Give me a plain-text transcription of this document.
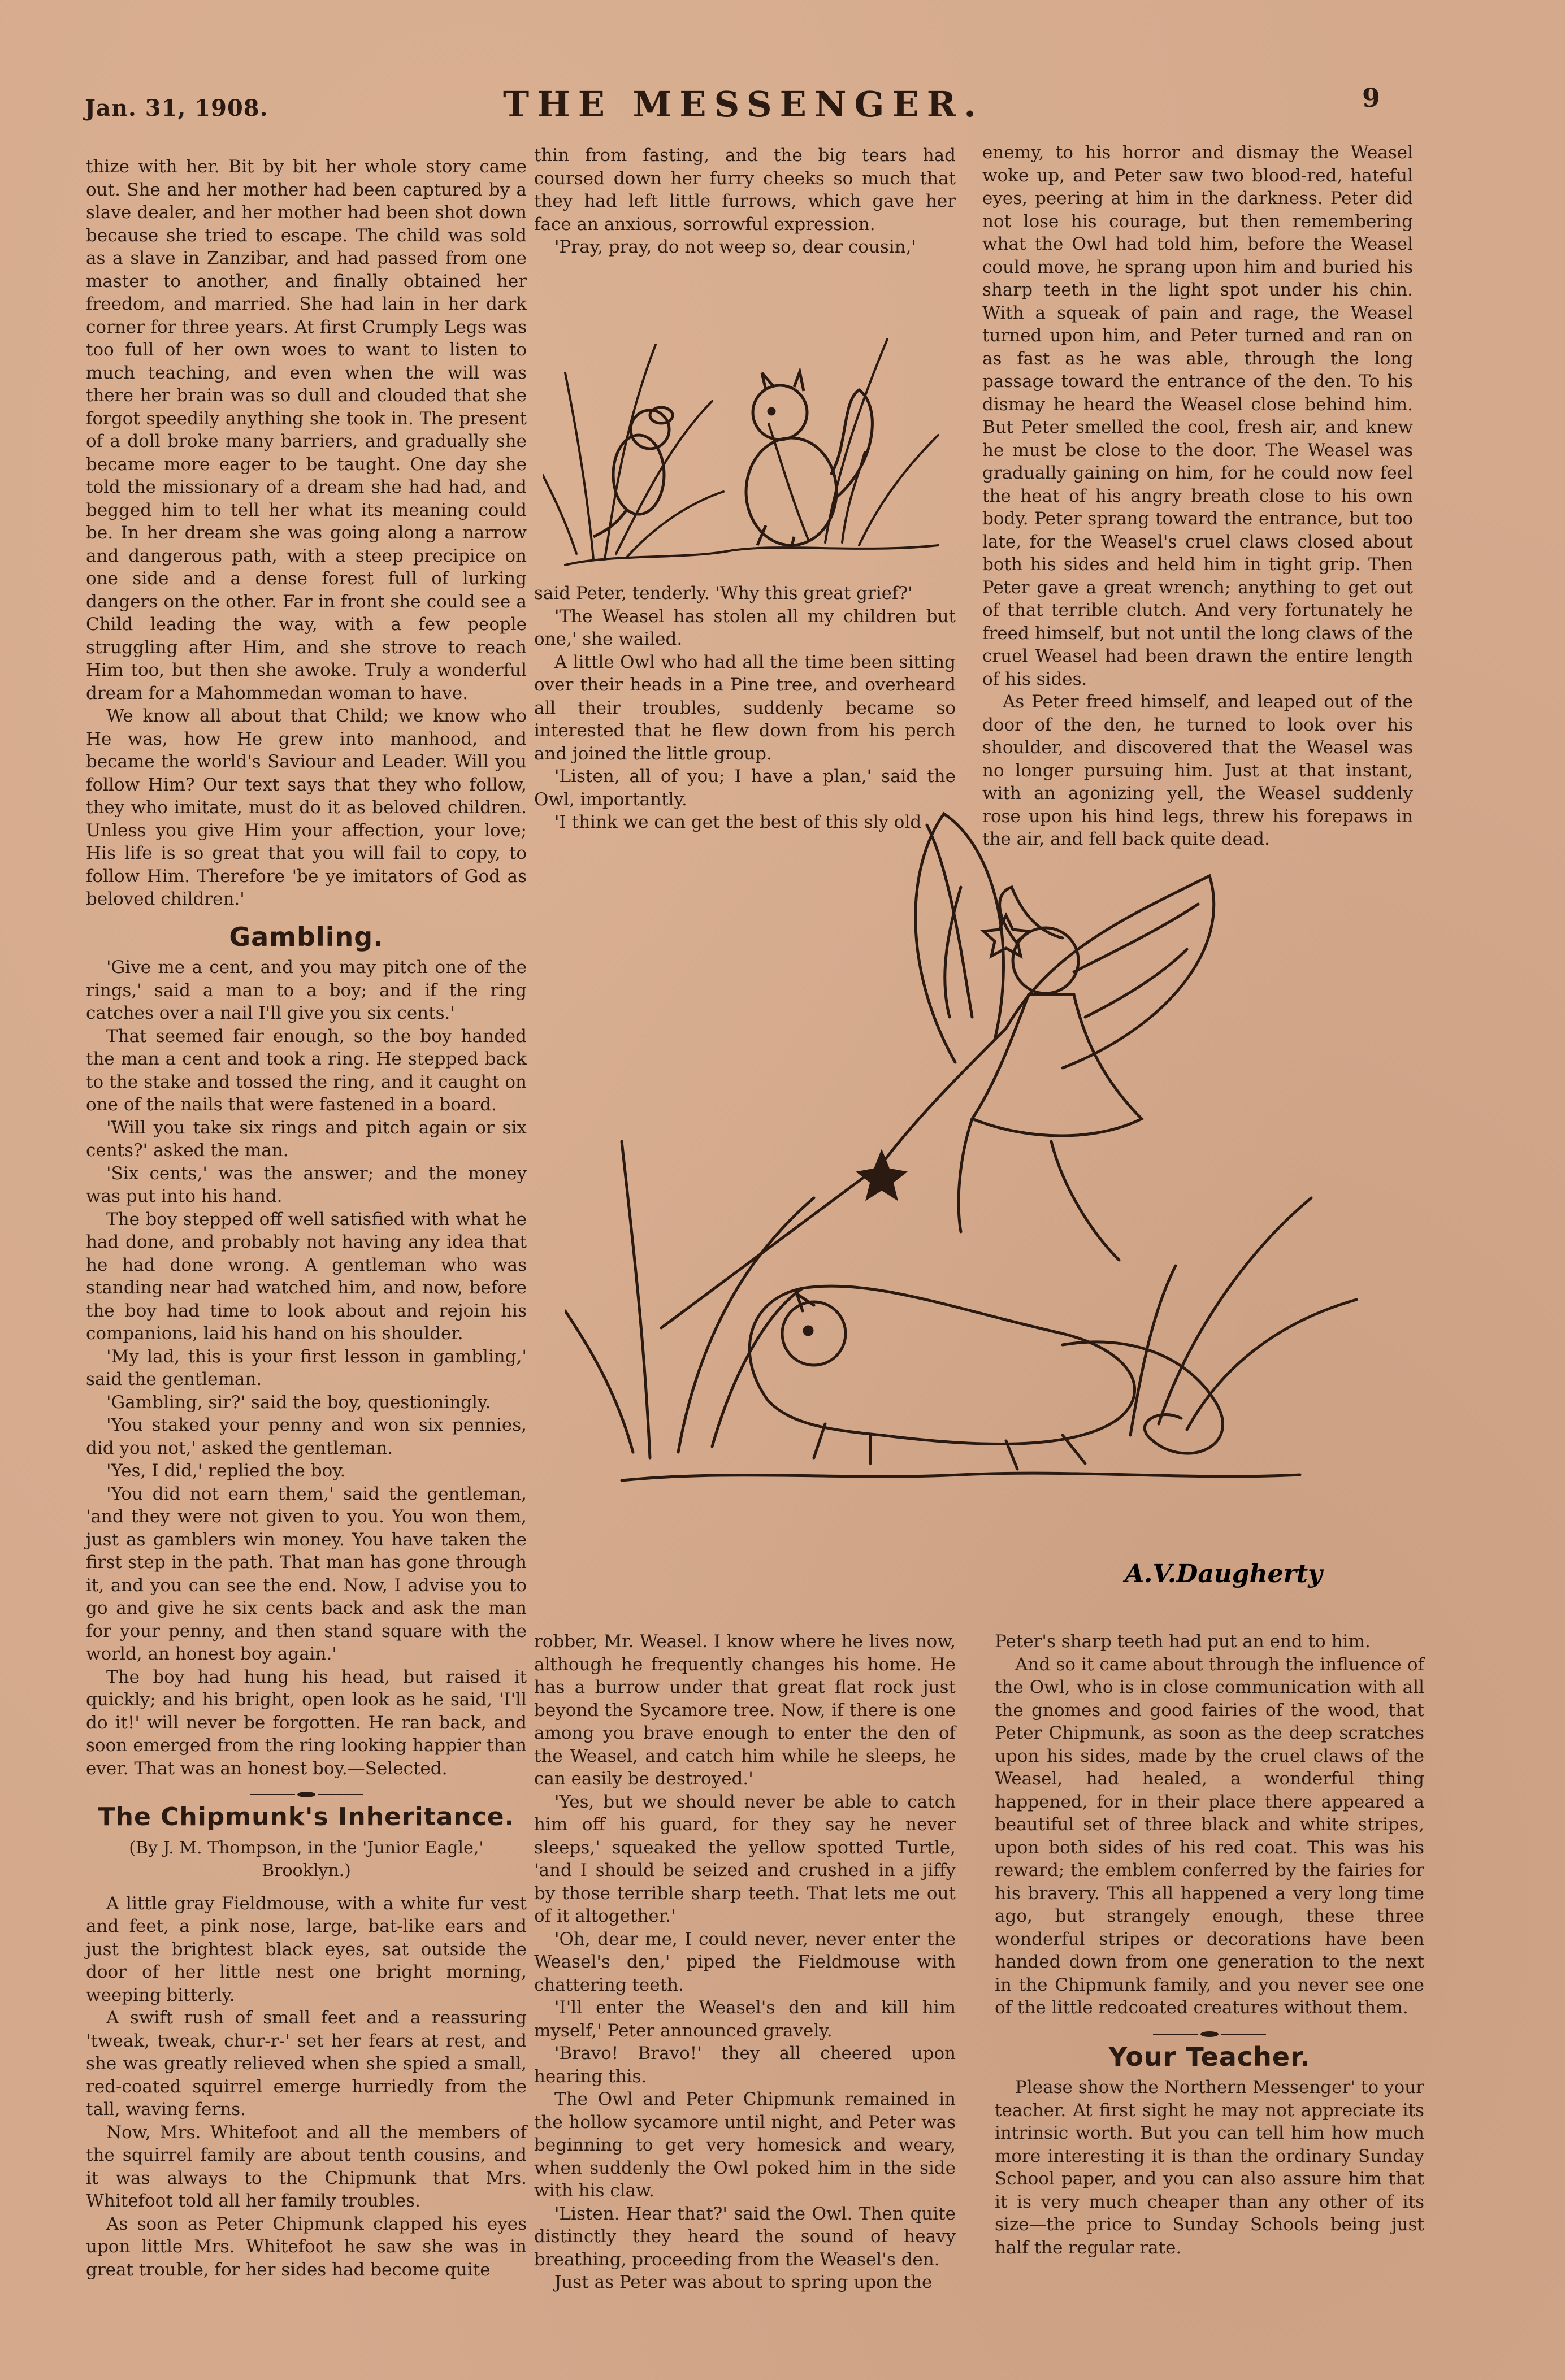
Jan. 31, 1908.	THE MESSENGER.	9

thize with her. Bit by bit her whole story came out. She and her mother had been captured by a slave dealer, and her mother had been shot down because she tried to escape. The child was sold as a slave in Zanzibar, and had passed from one master to another, and finally obtained her freedom, and married. She had lain in her dark corner for three years. At first Crumply Legs was too full of her own woes to want to listen to much teaching, and even when the will was there her brain was so dull and clouded that she forgot speedily anything she took in. The present of a doll broke many barriers, and gradually she became more eager to be taught. One day she told the missionary of a dream she had had, and begged him to tell her what its meaning could be. In her dream she was going along a narrow and dangerous path, with a steep precipice on one side and a dense forest full of lurking dangers on the other. Far in front she could see a Child leading the way, with a few people struggling after Him, and she strove to reach Him too, but then she awoke. Truly a wonderful dream for a Mahommedan woman to have.

We know all about that Child; we know who He was, how He grew into manhood, and became the world's Saviour and Leader. Will you follow Him? Our text says that they who follow, they who imitate, must do it as beloved children. Unless you give Him your affection, your love; His life is so great that you will fail to copy, to follow Him. Therefore 'be ye imitators of God as beloved children.'

Gambling.

'Give me a cent, and you may pitch one of the rings,' said a man to a boy; and if the ring catches over a nail I'll give you six cents.'

That seemed fair enough, so the boy handed the man a cent and took a ring. He stepped back to the stake and tossed the ring, and it caught on one of the nails that were fastened in a board.

'Will you take six rings and pitch again or six cents?' asked the man.

'Six cents,' was the answer; and the money was put into his hand.

The boy stepped off well satisfied with what he had done, and probably not having any idea that he had done wrong. A gentleman who was standing near had watched him, and now, before the boy had time to look about and rejoin his companions, laid his hand on his shoulder.

'My lad, this is your first lesson in gambling,' said the gentleman.

'Gambling, sir?' said the boy, questioningly.

'You staked your penny and won six pennies, did you not,' asked the gentleman.

'Yes, I did,' replied the boy.

'You did not earn them,' said the gentleman, 'and they were not given to you. You won them, just as gamblers win money. You have taken the first step in the path. That man has gone through it, and you can see the end. Now, I advise you to go and give he six cents back and ask the man for your penny, and then stand square with the world, an honest boy again.'

The boy had hung his head, but raised it quickly; and his bright, open look as he said, 'I'll do it!' will never be forgotten. He ran back, and soon emerged from the ring looking happier than ever. That was an honest boy.—Selected.

The Chipmunk's Inheritance.
(By J. M. Thompson, in the 'Junior Eagle,' Brooklyn.)

A little gray Fieldmouse, with a white fur vest and feet, a pink nose, large, bat-like ears and just the brightest black eyes, sat outside the door of her little nest one bright morning, weeping bitterly.

A swift rush of small feet and a reassuring 'tweak, tweak, chur-r-' set her fears at rest, and she was greatly relieved when she spied a small, red-coated squirrel emerge hurriedly from the tall, waving ferns.

Now, Mrs. Whitefoot and all the members of the squirrel family are about tenth cousins, and it was always to the Chipmunk that Mrs. Whitefoot told all her family troubles.

As soon as Peter Chipmunk clapped his eyes upon little Mrs. Whitefoot he saw she was in great trouble, for her sides had become quite

thin from fasting, and the big tears had coursed down her furry cheeks so much that they had left little furrows, which gave her face an anxious, sorrowful expression.

'Pray, pray, do not weep so, dear cousin,'

said Peter, tenderly. 'Why this great grief?'

'The Weasel has stolen all my children but one,' she wailed.

A little Owl who had all the time been sitting over their heads in a Pine tree, and overheard all their troubles, suddenly became so interested that he flew down from his perch and joined the little group.

'Listen, all of you; I have a plan,' said the Owl, importantly.

'I think we can get the best of this sly old

enemy, to his horror and dismay the Weasel woke up, and Peter saw two blood-red, hateful eyes, peering at him in the darkness. Peter did not lose his courage, but then remembering what the Owl had told him, before the Weasel could move, he sprang upon him and buried his sharp teeth in the light spot under his chin. With a squeak of pain and rage, the Weasel turned upon him, and Peter turned and ran on as fast as he was able, through the long passage toward the entrance of the den. To his dismay he heard the Weasel close behind him. But Peter smelled the cool, fresh air, and knew he must be close to the door. The Weasel was gradually gaining on him, for he could now feel the heat of his angry breath close to his own body. Peter sprang toward the entrance, but too late, for the Weasel's cruel claws closed about both his sides and held him in tight grip. Then Peter gave a great wrench; anything to get out of that terrible clutch. And very fortunately he freed himself, but not until the long claws of the cruel Weasel had been drawn the entire length of his sides.

As Peter freed himself, and leaped out of the door of the den, he turned to look over his shoulder, and discovered that the Weasel was no longer pursuing him. Just at that instant, with an agonizing yell, the Weasel suddenly rose upon his hind legs, threw his forepaws in the air, and fell back quite dead.

A.V.Daugherty

robber, Mr. Weasel. I know where he lives now, although he frequently changes his home. He has a burrow under that great flat rock just beyond the Sycamore tree. Now, if there is one among you brave enough to enter the den of the Weasel, and catch him while he sleeps, he can easily be destroyed.'

'Yes, but we should never be able to catch him off his guard, for they say he never sleeps,' squeaked the yellow spotted Turtle, 'and I should be seized and crushed in a jiffy by those terrible sharp teeth. That lets me out of it altogether.'

'Oh, dear me, I could never, never enter the Weasel's den,' piped the Fieldmouse with chattering teeth.

'I'll enter the Weasel's den and kill him myself,' Peter announced gravely.

'Bravo! Bravo!' they all cheered upon hearing this.

The Owl and Peter Chipmunk remained in the hollow sycamore until night, and Peter was beginning to get very homesick and weary, when suddenly the Owl poked him in the side with his claw.

'Listen. Hear that?' said the Owl. Then quite distinctly they heard the sound of heavy breathing, proceeding from the Weasel's den.

Just as Peter was about to spring upon the

Peter's sharp teeth had put an end to him.

And so it came about through the influence of the Owl, who is in close communication with all the gnomes and good fairies of the wood, that Peter Chipmunk, as soon as the deep scratches upon his sides, made by the cruel claws of the Weasel, had healed, a wonderful thing happened, for in their place there appeared a beautiful set of three black and white stripes, upon both sides of his red coat. This was his reward; the emblem conferred by the fairies for his bravery. This all happened a very long time ago, but strangely enough, these three wonderful stripes or decorations have been handed down from one generation to the next in the Chipmunk family, and you never see one of the little redcoated creatures without them.

Your Teacher.

Please show the Northern Messenger' to your teacher. At first sight he may not appreciate its intrinsic worth. But you can tell him how much more interesting it is than the ordinary Sunday School paper, and you can also assure him that it is very much cheaper than any other of its size—the price to Sunday Schools being just half the regular rate.
